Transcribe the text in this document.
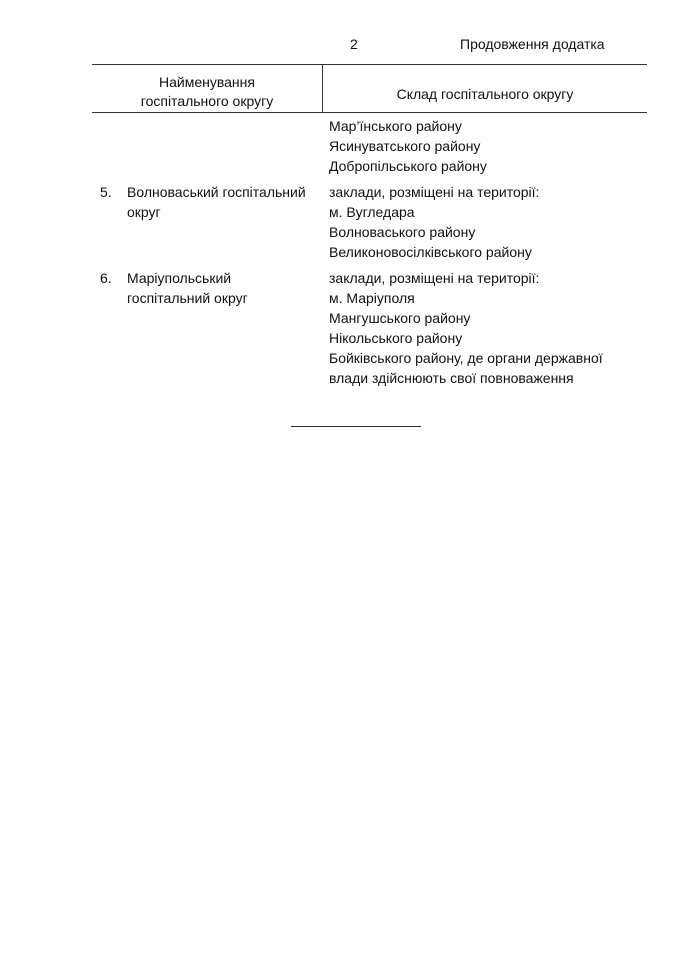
2	Продовження додатка
Найменування
госпітального округу	Склад госпітального округу
Мар’їнського району
Ясинуватського району
Добропільського району
5. Волноваський госпітальний
округ
заклади, розміщені на території:
м. Вугледара
Волноваського району
Великоновосілківського району
6. Маріупольський
госпітальний округ
заклади, розміщені на території:
м. Маріуполя
Мангушського району
Нікольського району
Бойківського району, де органи державної
влади здійснюють свої повноваження
